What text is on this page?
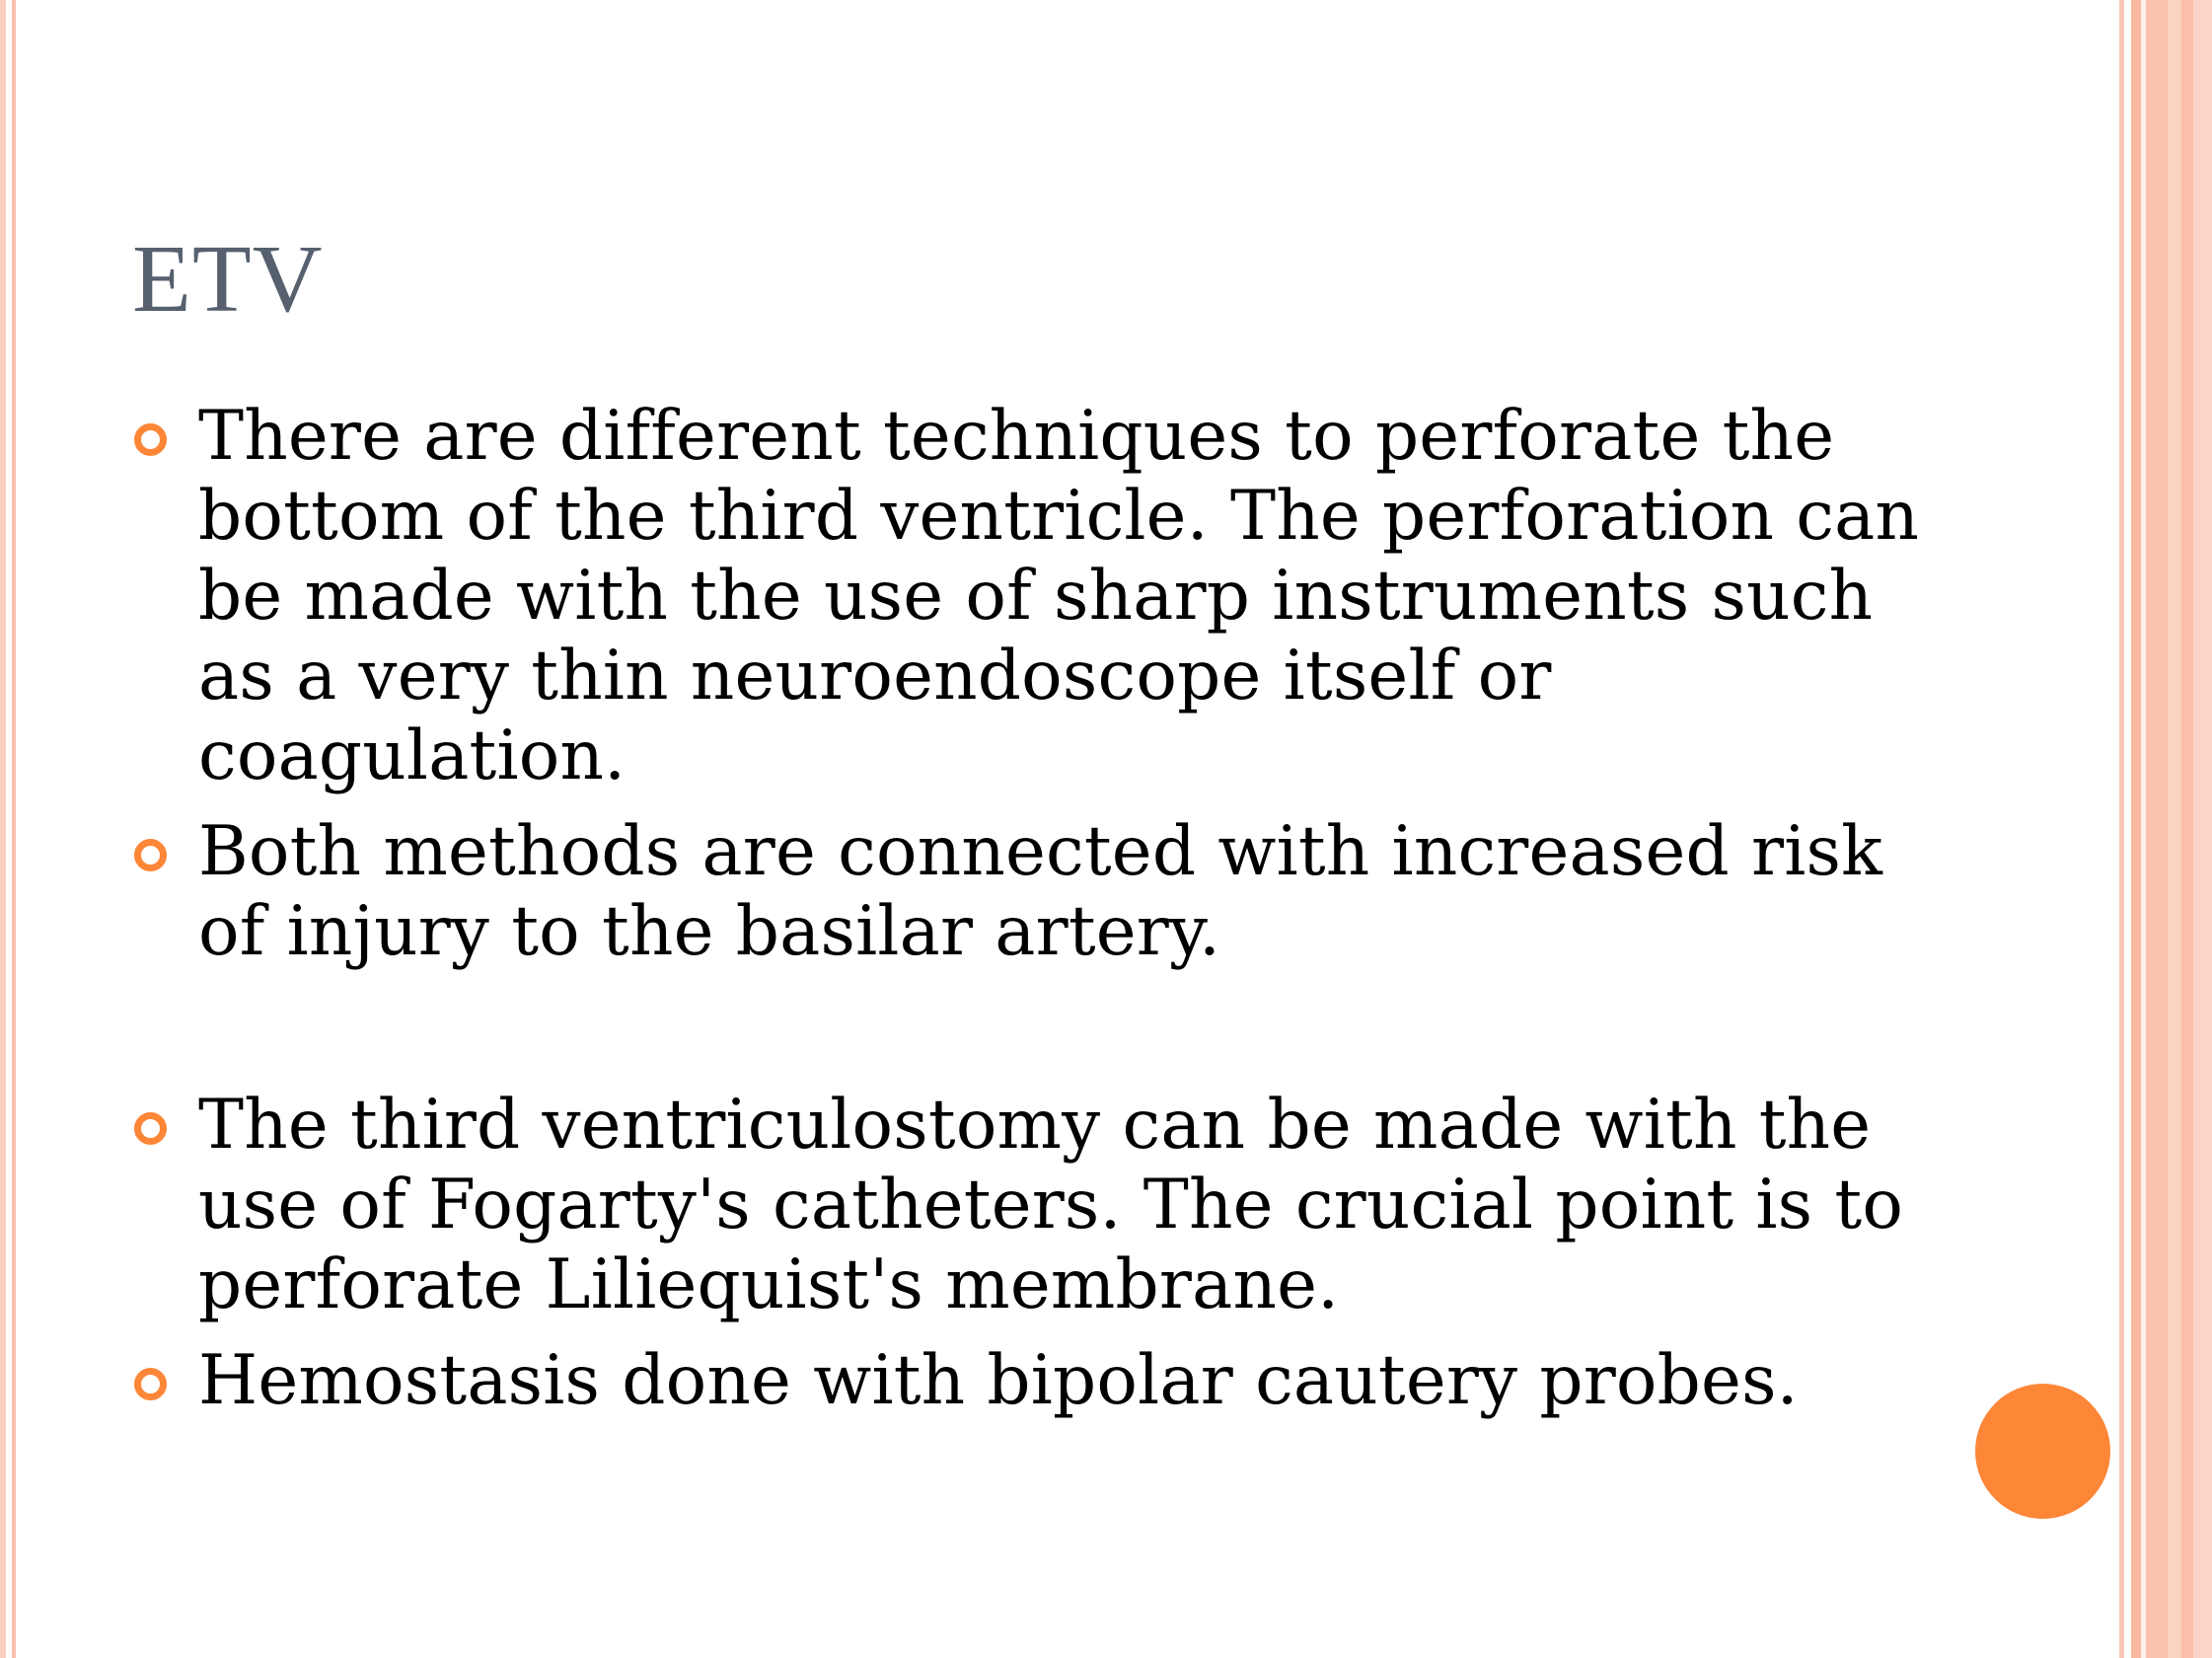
ETV
There are different techniques to perforate the
bottom of the third ventricle. The perforation can
be made with the use of sharp instruments such
as a very thin neuroendoscope itself or
coagulation.
Both methods are connected with increased risk
of injury to the basilar artery.
The third ventriculostomy can be made with the
use of Fogarty's catheters. The crucial point is to
perforate Liliequist's membrane.
Hemostasis done with bipolar cautery probes.
